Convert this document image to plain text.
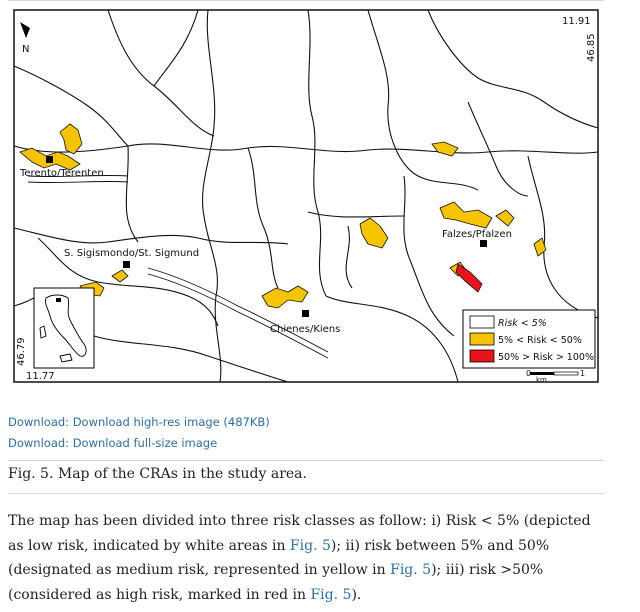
Terento/Terenten
S. Sigismondo/St. Sigmund
Falzes/Pfalzen
Chienes/Kiens
11.91
46.85
46.79
11.77
N
Risk < 5%
5% < Risk < 50%
50% > Risk > 100%
0
km
1
Download: Download high-res image (487KB)
Download: Download full-size image
Fig. 5. Map of the CRAs in the study area.
The map has been divided into three risk classes as follow: i) Risk < 5% (depicted as low risk, indicated by white areas in Fig. 5); ii) risk between 5% and 50% (designated as medium risk, represented in yellow in Fig. 5); iii) risk >50% (considered as high risk, marked in red in Fig. 5).
